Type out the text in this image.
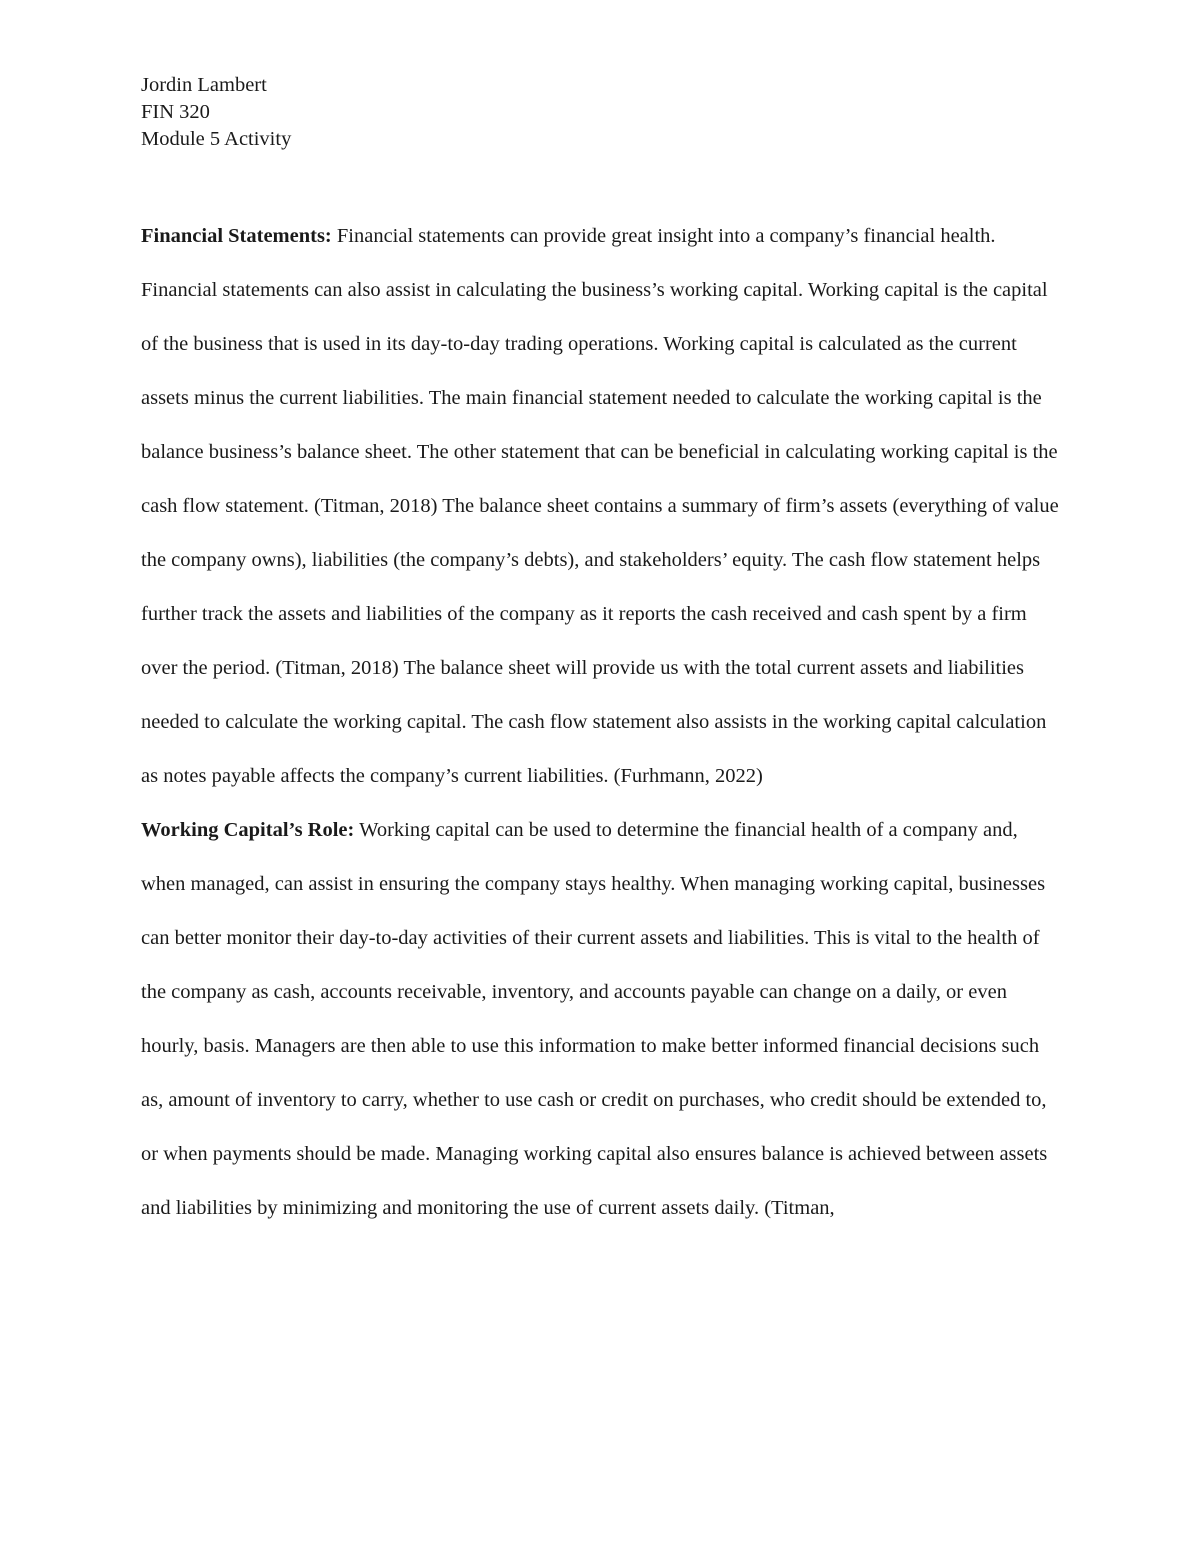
Jordin Lambert
FIN 320
Module 5 Activity

Financial Statements: Financial statements can provide great insight into a company’s financial health. Financial statements can also assist in calculating the business’s working capital. Working capital is the capital of the business that is used in its day-to-day trading operations. Working capital is calculated as the current assets minus the current liabilities. The main financial statement needed to calculate the working capital is the balance business’s balance sheet. The other statement that can be beneficial in calculating working capital is the cash flow statement. (Titman, 2018) The balance sheet contains a summary of firm’s assets (everything of value the company owns), liabilities (the company’s debts), and stakeholders’ equity. The cash flow statement helps further track the assets and liabilities of the company as it reports the cash received and cash spent by a firm over the period. (Titman, 2018) The balance sheet will provide us with the total current assets and liabilities needed to calculate the working capital. The cash flow statement also assists in the working capital calculation as notes payable affects the company’s current liabilities. (Furhmann, 2022)

Working Capital’s Role: Working capital can be used to determine the financial health of a company and, when managed, can assist in ensuring the company stays healthy. When managing working capital, businesses can better monitor their day-to-day activities of their current assets and liabilities. This is vital to the health of the company as cash, accounts receivable, inventory, and accounts payable can change on a daily, or even hourly, basis. Managers are then able to use this information to make better informed financial decisions such as, amount of inventory to carry, whether to use cash or credit on purchases, who credit should be extended to, or when payments should be made. Managing working capital also ensures balance is achieved between assets and liabilities by minimizing and monitoring the use of current assets daily. (Titman,
